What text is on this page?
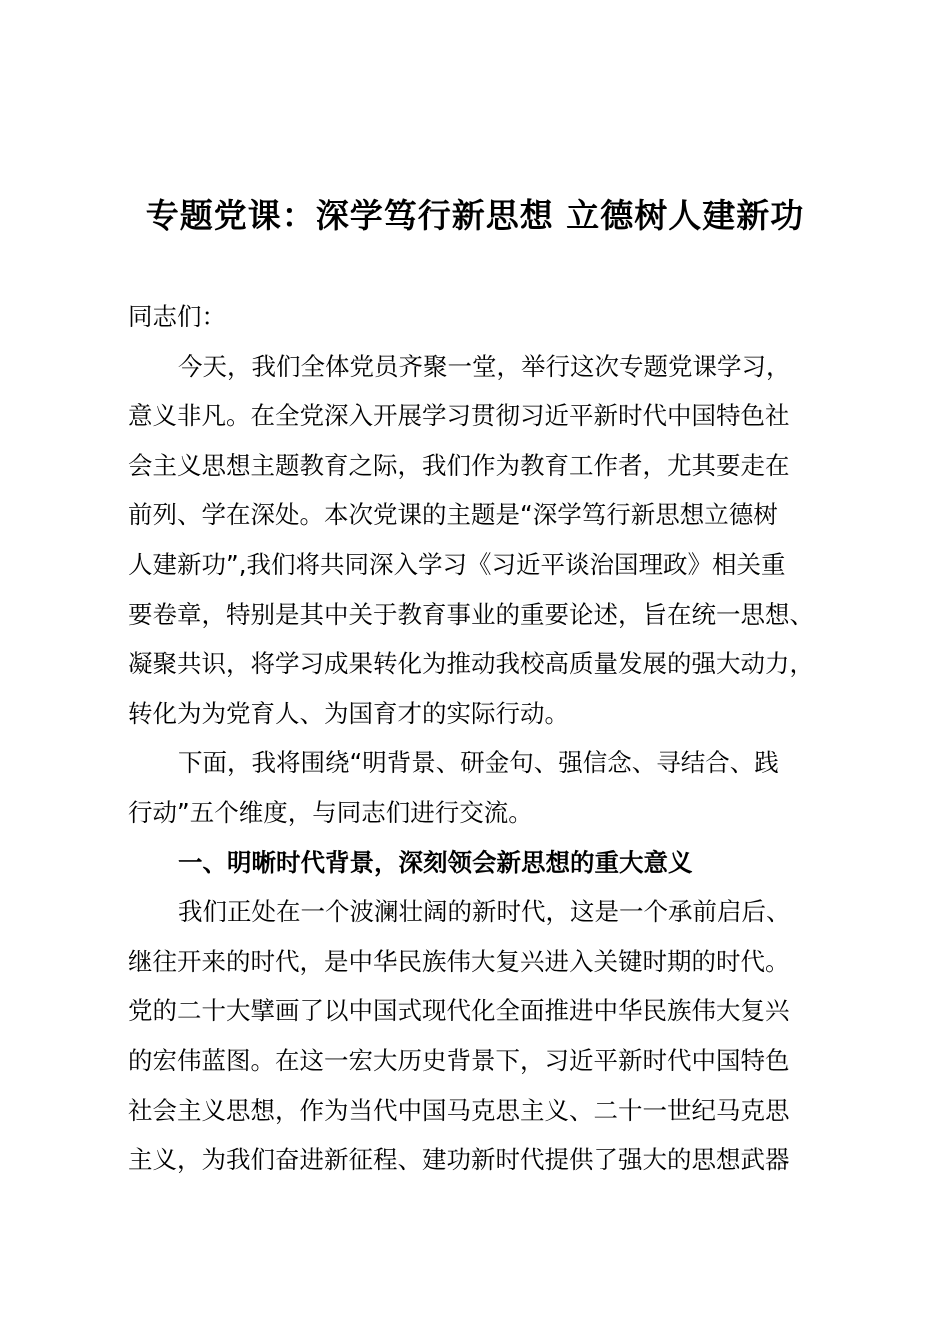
专题党课：深学笃行新思想 立德树人建新功
同志们：
今天，我们全体党员齐聚一堂，举行这次专题党课学习，
意义非凡。在全党深入开展学习贯彻习近平新时代中国特色社
会主义思想主题教育之际，我们作为教育工作者，尤其要走在
前列、学在深处。本次党课的主题是“深学笃行新思想立德树
人建新功”,我们将共同深入学习《习近平谈治国理政》相关重
要卷章，特别是其中关于教育事业的重要论述，旨在统一思想、
凝聚共识，将学习成果转化为推动我校高质量发展的强大动力，
转化为为党育人、为国育才的实际行动。
下面，我将围绕“明背景、研金句、强信念、寻结合、践
行动”五个维度，与同志们进行交流。
一、明晰时代背景，深刻领会新思想的重大意义
我们正处在一个波澜壮阔的新时代，这是一个承前启后、
继往开来的时代，是中华民族伟大复兴进入关键时期的时代。
党的二十大擘画了以中国式现代化全面推进中华民族伟大复兴
的宏伟蓝图。在这一宏大历史背景下，习近平新时代中国特色
社会主义思想，作为当代中国马克思主义、二十一世纪马克思
主义，为我们奋进新征程、建功新时代提供了强大的思想武器
